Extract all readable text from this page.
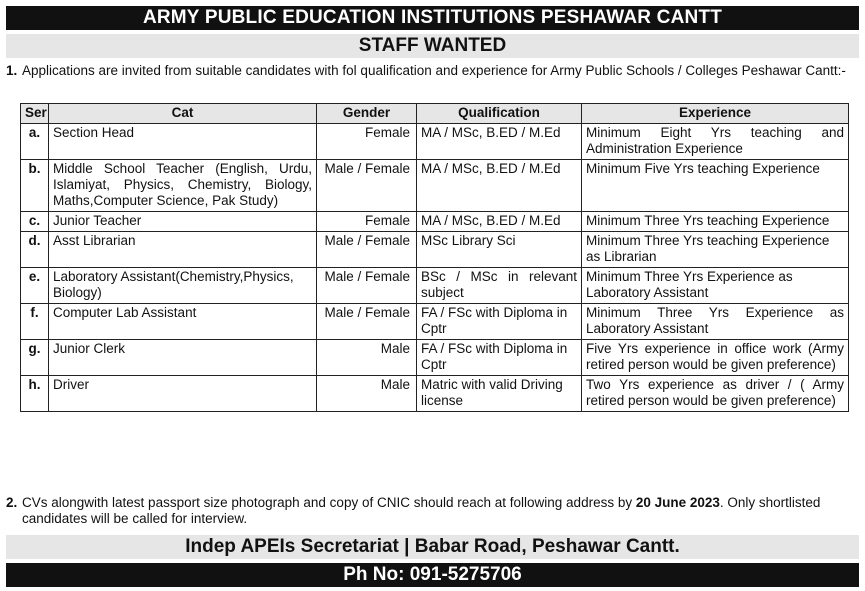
ARMY PUBLIC EDUCATION INSTITUTIONS PESHAWAR CANTT
STAFF WANTED
1. Applications are invited from suitable candidates with fol qualification and experience for Army Public Schools / Colleges Peshawar Cantt:-
Ser	Cat	Gender	Qualification	Experience
a.	Section Head	Female	MA / MSc, B.ED / M.Ed	Minimum Eight Yrs teaching and Administration Experience
b.	Middle School Teacher (English, Urdu, Islamiyat, Physics, Chemistry, Biology, Maths,Computer Science, Pak Study)	Male / Female	MA / MSc, B.ED / M.Ed	Minimum Five Yrs teaching Experience
c.	Junior Teacher	Female	MA / MSc, B.ED / M.Ed	Minimum Three Yrs teaching Experience
d.	Asst Librarian	Male / Female	MSc Library Sci	Minimum Three Yrs teaching Experience as Librarian
e.	Laboratory Assistant(Chemistry,Physics, Biology)	Male / Female	BSc / MSc in relevant subject	Minimum Three Yrs Experience as Laboratory Assistant
f.	Computer Lab Assistant	Male / Female	FA / FSc with Diploma in Cptr	Minimum Three Yrs Experience as Laboratory Assistant
g.	Junior Clerk	Male	FA / FSc with Diploma in Cptr	Five Yrs experience in office work (Army retired person would be given preference)
h.	Driver	Male	Matric with valid Driving license	Two Yrs experience as driver / ( Army retired person would be given preference)
2. CVs alongwith latest passport size photograph and copy of CNIC should reach at following address by 20 June 2023. Only shortlisted candidates will be called for interview.
Indep APEIs Secretariat | Babar Road, Peshawar Cantt.
Ph No: 091-5275706
